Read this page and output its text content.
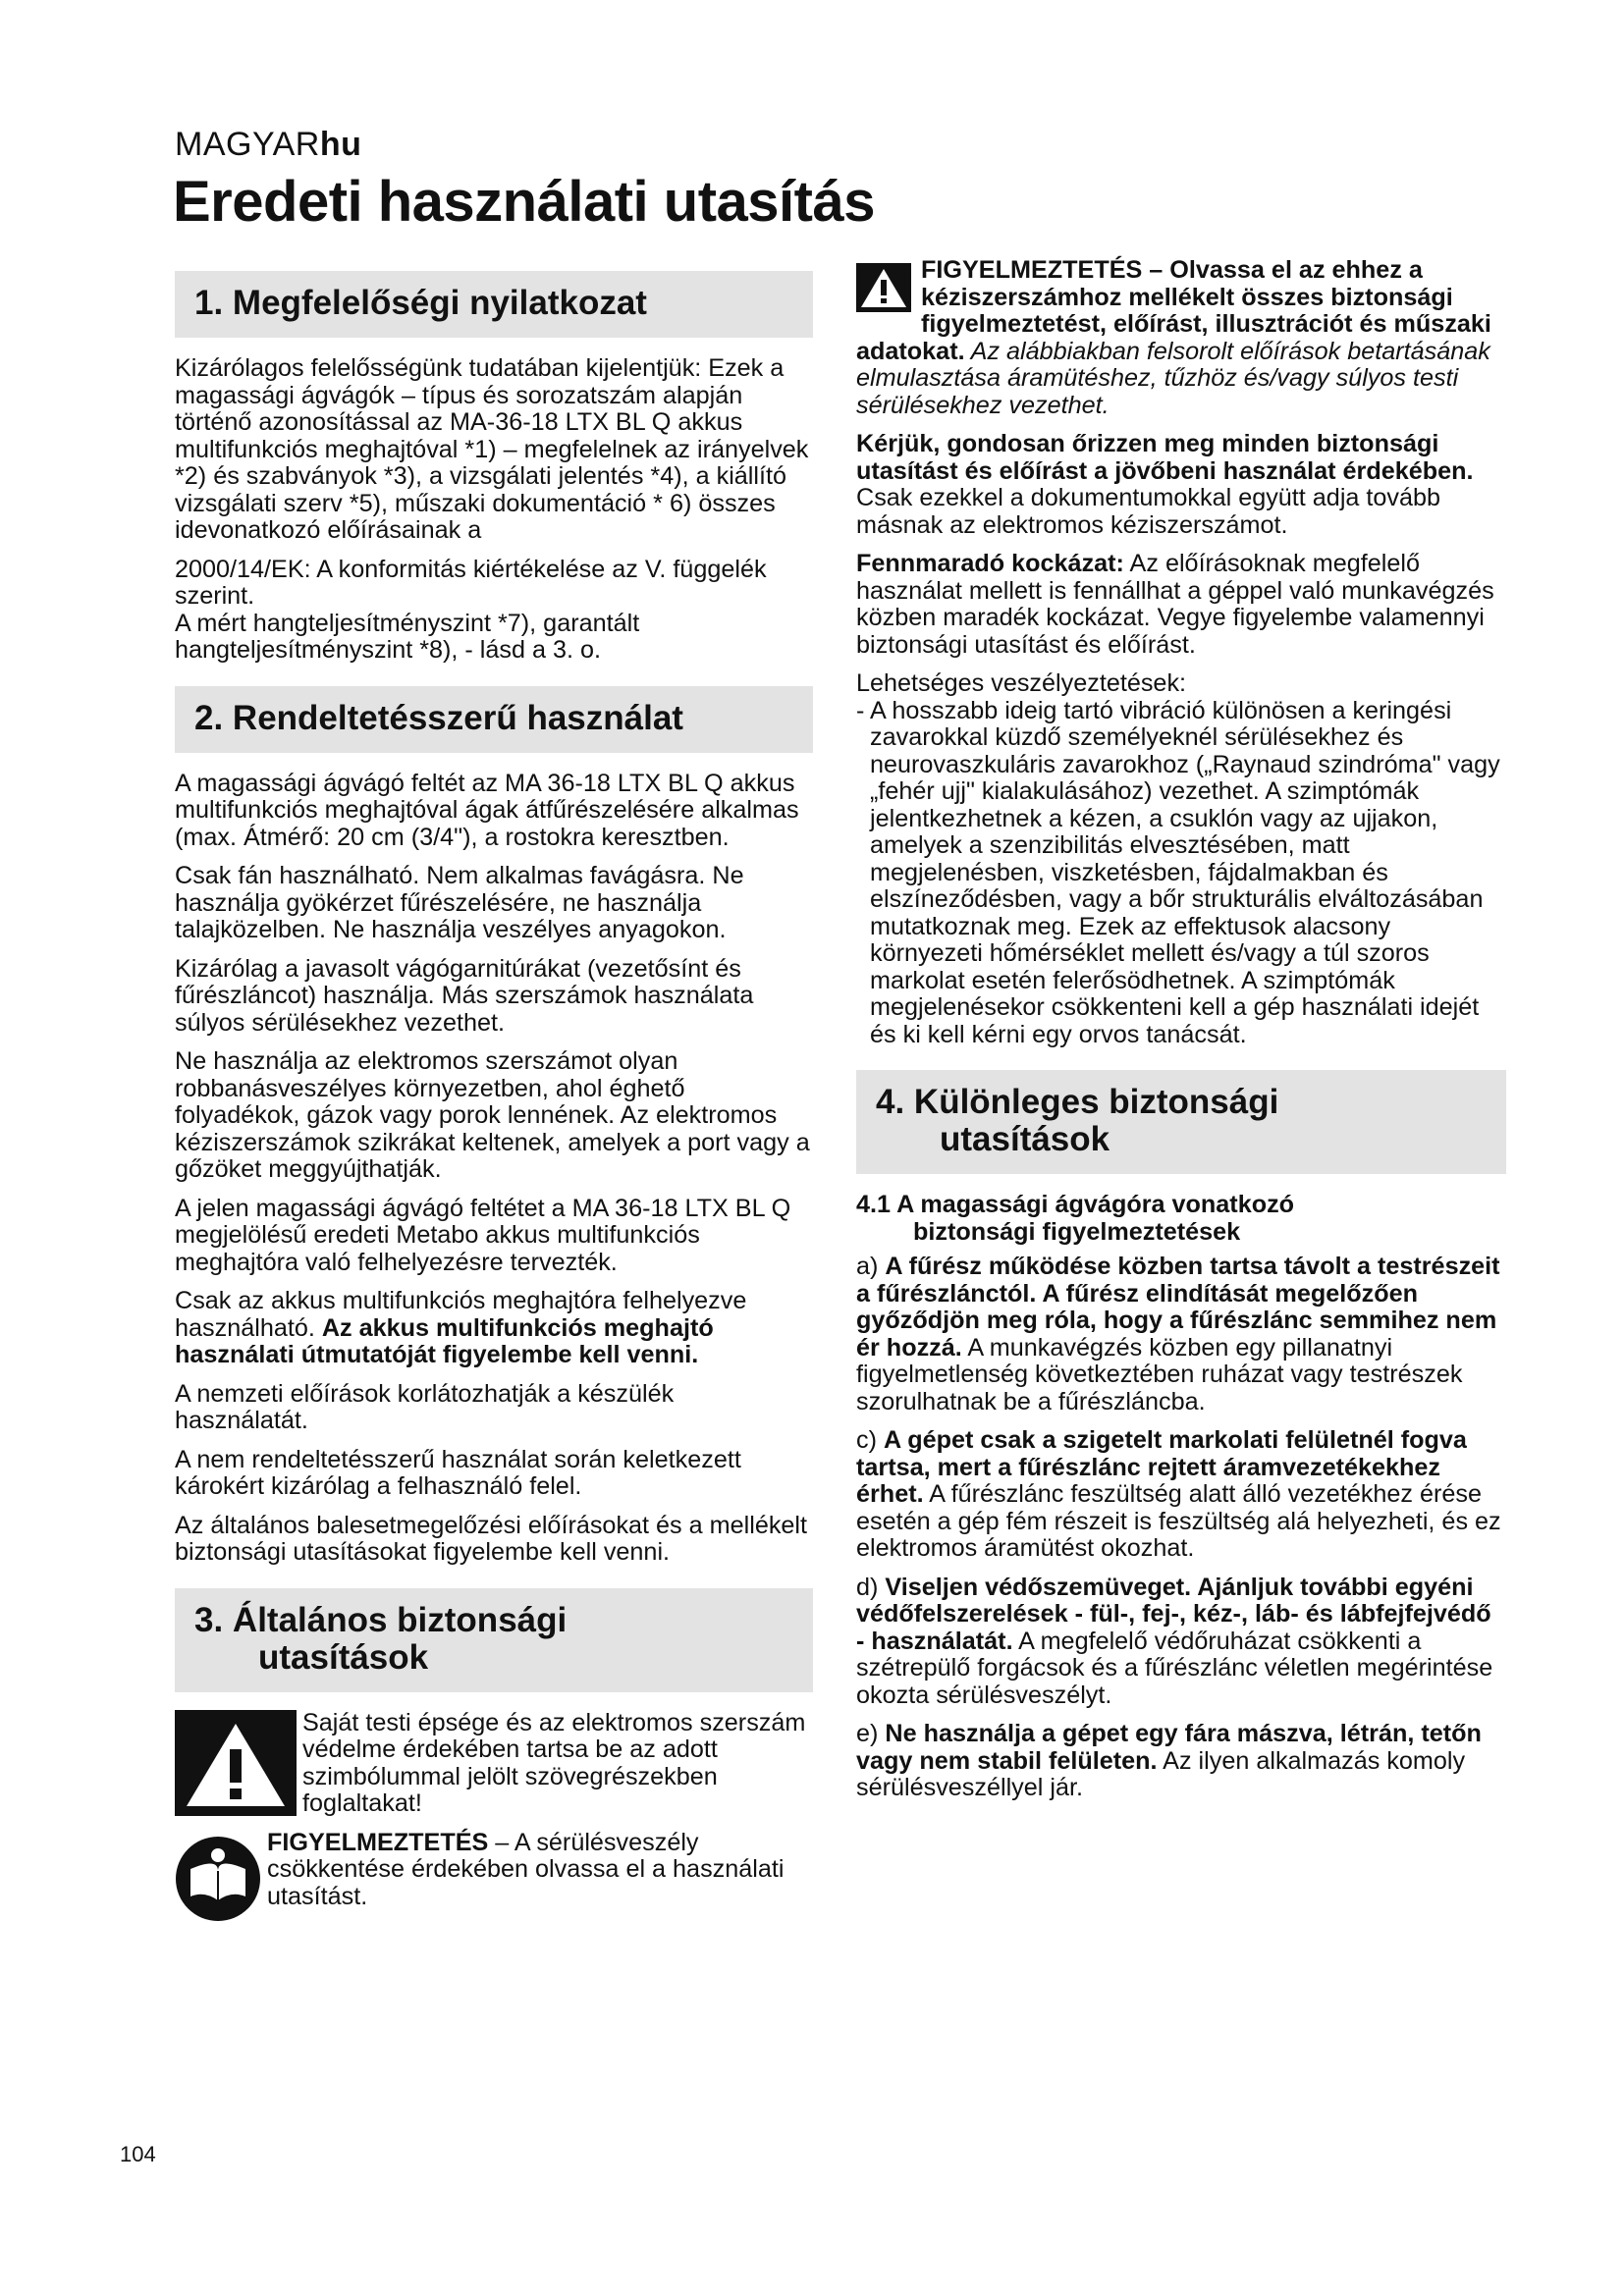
MAGYARhu
Eredeti használati utasítás
1. Megfelelőségi nyilatkozat

Kizárólagos felelősségünk tudatában kijelentjük: Ezek a magassági ágvágók – típus és sorozatszám alapján történő azonosítással az MA-36-18 LTX BL Q akkus multifunkciós meghajtóval *1) – megfelelnek az irányelvek *2) és szabványok *3), a vizsgálati jelentés *4), a kiállító vizsgálati szerv *5), műszaki dokumentáció * 6) összes idevonatkozó előírásainak a

2000/14/EK: A konformitás kiértékelése az V. függelék szerint.

A mért hangteljesítményszint *7), garantált hangteljesítményszint *8), - lásd a 3. o.

2. Rendeltetésszerű használat

A magassági ágvágó feltét az MA 36-18 LTX BL Q akkus multifunkciós meghajtóval ágak átfűrészelésére alkalmas (max. Átmérő: 20 cm (3/4"), a rostokra keresztben.

Csak fán használható. Nem alkalmas favágásra. Ne használja gyökérzet fűrészelésére, ne használja talajközelben. Ne használja veszélyes anyagokon.

Kizárólag a javasolt vágógarnitúrákat (vezetősínt és fűrészláncot) használja. Más szerszámok használata súlyos sérülésekhez vezethet.

Ne használja az elektromos szerszámot olyan robbanásveszélyes környezetben, ahol éghető folyadékok, gázok vagy porok lennének. Az elektromos kéziszerszámok szikrákat keltenek, amelyek a port vagy a gőzöket meggyújthatják.

A jelen magassági ágvágó feltétet a MA 36-18 LTX BL Q megjelölésű eredeti Metabo akkus multifunkciós meghajtóra való felhelyezésre tervezték.

Csak az akkus multifunkciós meghajtóra felhelyezve használható. Az akkus multifunkciós meghajtó használati útmutatóját figyelembe kell venni.

A nemzeti előírások korlátozhatják a készülék használatát.

A nem rendeltetésszerű használat során keletkezett károkért kizárólag a felhasználó felel.

Az általános balesetmegelőzési előírásokat és a mellékelt biztonsági utasításokat figyelembe kell venni.

3. Általános biztonsági
utasítások
Saját testi épsége és az elektromos szerszám védelme érdekében tartsa be az adott szimbólummal jelölt szövegrészekben foglaltakat!
FIGYELMEZTETÉS – A sérülésveszély csökkentése érdekében olvassa el a használati utasítást.

FIGYELMEZTETÉS – Olvassa el az ehhez a kéziszerszámhoz mellékelt összes biztonsági figyelmeztetést, előírást, illusztrációt és műszaki adatokat. Az alábbiakban felsorolt előírások betartásának elmulasztása áramütéshez, tűzhöz és/vagy súlyos testi sérülésekhez vezethet.

Kérjük, gondosan őrizzen meg minden biztonsági utasítást és előírást a jövőbeni használat érdekében.

Csak ezekkel a dokumentumokkal együtt adja tovább másnak az elektromos kéziszerszámot.

Fennmaradó kockázat: Az előírásoknak megfelelő használat mellett is fennállhat a géppel való munkavégzés közben maradék kockázat. Vegye figyelembe valamennyi biztonsági utasítást és előírást.

Lehetséges veszélyeztetések:

- A hosszabb ideig tartó vibráció különösen a keringési zavarokkal küzdő személyeknél sérülésekhez és neurovaszkuláris zavarokhoz („Raynaud szindróma" vagy „fehér ujj" kialakulásához) vezethet. A szimptómák jelentkezhetnek a kézen, a csuklón vagy az ujjakon, amelyek a szenzibilitás elvesztésében, matt megjelenésben, viszketésben, fájdalmakban és elszíneződésben, vagy a bőr strukturális elváltozásában mutatkoznak meg. Ezek az effektusok alacsony környezeti hőmérséklet mellett és/vagy a túl szoros markolat esetén felerősödhetnek. A szimptómák megjelenésekor csökkenteni kell a gép használati idejét és ki kell kérni egy orvos tanácsát.

4. Különleges biztonsági
utasítások
4.1 A magassági ágvágóra vonatkozó
biztonsági figyelmeztetések

a) A fűrész működése közben tartsa távolt a testrészeit a fűrészlánctól. A fűrész elindítását megelőzően győződjön meg róla, hogy a fűrészlánc semmihez nem ér hozzá. A munkavégzés közben egy pillanatnyi figyelmetlenség következtében ruházat vagy testrészek szorulhatnak be a fűrészláncba.

c) A gépet csak a szigetelt markolati felületnél fogva tartsa, mert a fűrészlánc rejtett áramvezetékekhez érhet. A fűrészlánc feszültség alatt álló vezetékhez érése esetén a gép fém részeit is feszültség alá helyezheti, és ez elektromos áramütést okozhat.

d) Viseljen védőszemüveget. Ajánljuk további egyéni védőfelszerelések - fül-, fej-, kéz-, láb- és lábfejfejvédő - használatát. A megfelelő védőruházat csökkenti a szétrepülő forgácsok és a fűrészlánc véletlen megérintése okozta sérülésveszélyt.

e) Ne használja a gépet egy fára mászva, létrán, tetőn vagy nem stabil felületen. Az ilyen alkalmazás komoly sérülésveszéllyel jár.

104
